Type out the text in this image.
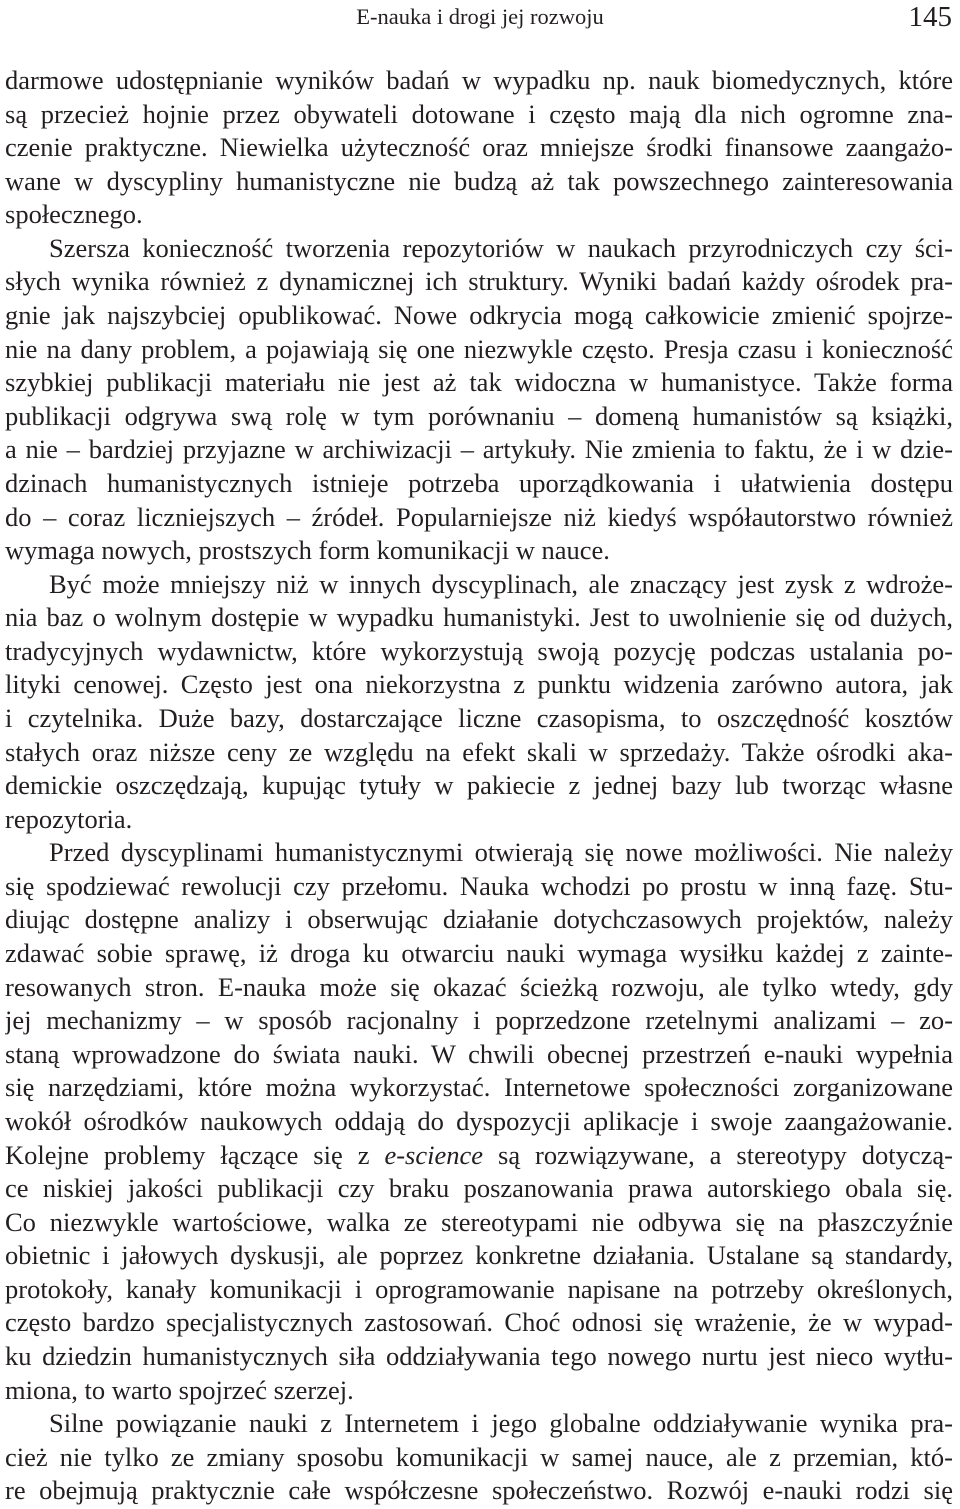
E-nauka i drogi jej rozwoju	145
darmowe udostępnianie wyników badań w wypadku np. nauk biomedycznych, które
są przecież hojnie przez obywateli dotowane i często mają dla nich ogromne zna-
czenie praktyczne. Niewielka użyteczność oraz mniejsze środki finansowe zaangażo-
wane w dyscypliny humanistyczne nie budzą aż tak powszechnego zainteresowania
społecznego.
Szersza konieczność tworzenia repozytoriów w naukach przyrodniczych czy ści-
słych wynika również z dynamicznej ich struktury. Wyniki badań każdy ośrodek pra-
gnie jak najszybciej opublikować. Nowe odkrycia mogą całkowicie zmienić spojrze-
nie na dany problem, a pojawiają się one niezwykle często. Presja czasu i konieczność
szybkiej publikacji materiału nie jest aż tak widoczna w humanistyce. Także forma
publikacji odgrywa swą rolę w tym porównaniu – domeną humanistów są książki,
a nie – bardziej przyjazne w archiwizacji – artykuły. Nie zmienia to faktu, że i w dzie-
dzinach humanistycznych istnieje potrzeba uporządkowania i ułatwienia dostępu
do – coraz liczniejszych – źródeł. Popularniejsze niż kiedyś współautorstwo również
wymaga nowych, prostszych form komunikacji w nauce.
Być może mniejszy niż w innych dyscyplinach, ale znaczący jest zysk z wdroże-
nia baz o wolnym dostępie w wypadku humanistyki. Jest to uwolnienie się od dużych,
tradycyjnych wydawnictw, które wykorzystują swoją pozycję podczas ustalania po-
lityki cenowej. Często jest ona niekorzystna z punktu widzenia zarówno autora, jak
i czytelnika. Duże bazy, dostarczające liczne czasopisma, to oszczędność kosztów
stałych oraz niższe ceny ze względu na efekt skali w sprzedaży. Także ośrodki aka-
demickie oszczędzają, kupując tytuły w pakiecie z jednej bazy lub tworząc własne
repozytoria.
Przed dyscyplinami humanistycznymi otwierają się nowe możliwości. Nie należy
się spodziewać rewolucji czy przełomu. Nauka wchodzi po prostu w inną fazę. Stu-
diując dostępne analizy i obserwując działanie dotychczasowych projektów, należy
zdawać sobie sprawę, iż droga ku otwarciu nauki wymaga wysiłku każdej z zainte-
resowanych stron. E-nauka może się okazać ścieżką rozwoju, ale tylko wtedy, gdy
jej mechanizmy – w sposób racjonalny i poprzedzone rzetelnymi analizami – zo-
staną wprowadzone do świata nauki. W chwili obecnej przestrzeń e-nauki wypełnia
się narzędziami, które można wykorzystać. Internetowe społeczności zorganizowane
wokół ośrodków naukowych oddają do dyspozycji aplikacje i swoje zaangażowanie.
Kolejne problemy łączące się z e-science są rozwiązywane, a stereotypy dotyczą-
ce niskiej jakości publikacji czy braku poszanowania prawa autorskiego obala się.
Co niezwykle wartościowe, walka ze stereotypami nie odbywa się na płaszczyźnie
obietnic i jałowych dyskusji, ale poprzez konkretne działania. Ustalane są standardy,
protokoły, kanały komunikacji i oprogramowanie napisane na potrzeby określonych,
często bardzo specjalistycznych zastosowań. Choć odnosi się wrażenie, że w wypad-
ku dziedzin humanistycznych siła oddziaływania tego nowego nurtu jest nieco wytłu-
miona, to warto spojrzeć szerzej.
Silne powiązanie nauki z Internetem i jego globalne oddziaływanie wynika pra-
cież nie tylko ze zmiany sposobu komunikacji w samej nauce, ale z przemian, któ-
re obejmują praktycznie całe współczesne społeczeństwo. Rozwój e-nauki rodzi się
